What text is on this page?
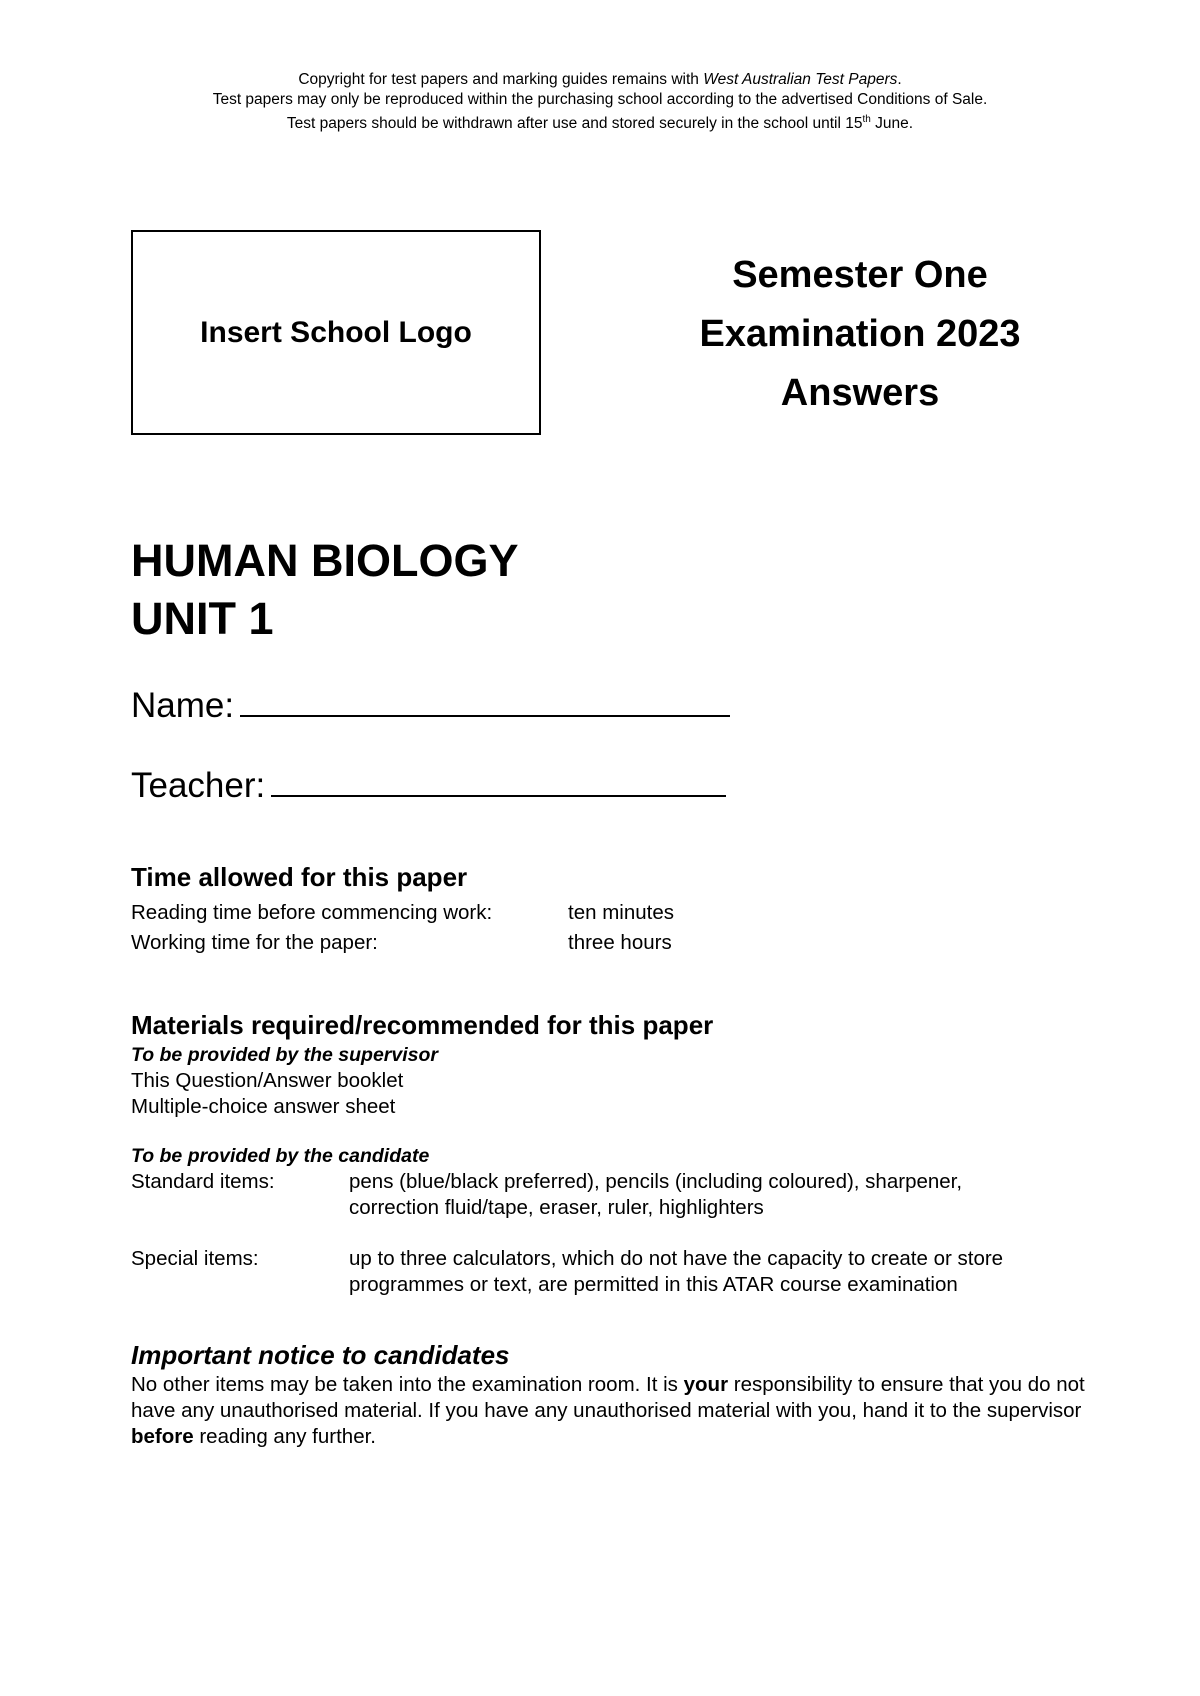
Copyright for test papers and marking guides remains with West Australian Test Papers.
Test papers may only be reproduced within the purchasing school according to the advertised Conditions of Sale.
Test papers should be withdrawn after use and stored securely in the school until 15th June.
Insert School Logo
Semester One
Examination 2023
Answers
HUMAN BIOLOGY
UNIT 1
Name:
Teacher:
Time allowed for this paper
Reading time before commencing work:	ten minutes
Working time for the paper:	three hours
Materials required/recommended for this paper
To be provided by the supervisor
This Question/Answer booklet
Multiple-choice answer sheet
To be provided by the candidate
Standard items:	pens (blue/black preferred), pencils (including coloured), sharpener,
correction fluid/tape, eraser, ruler, highlighters
Special items:	up to three calculators, which do not have the capacity to create or store
programmes or text, are permitted in this ATAR course examination
Important notice to candidates
No other items may be taken into the examination room. It is your responsibility to ensure that you do not have any unauthorised material. If you have any unauthorised material with you, hand it to the supervisor before reading any further.
